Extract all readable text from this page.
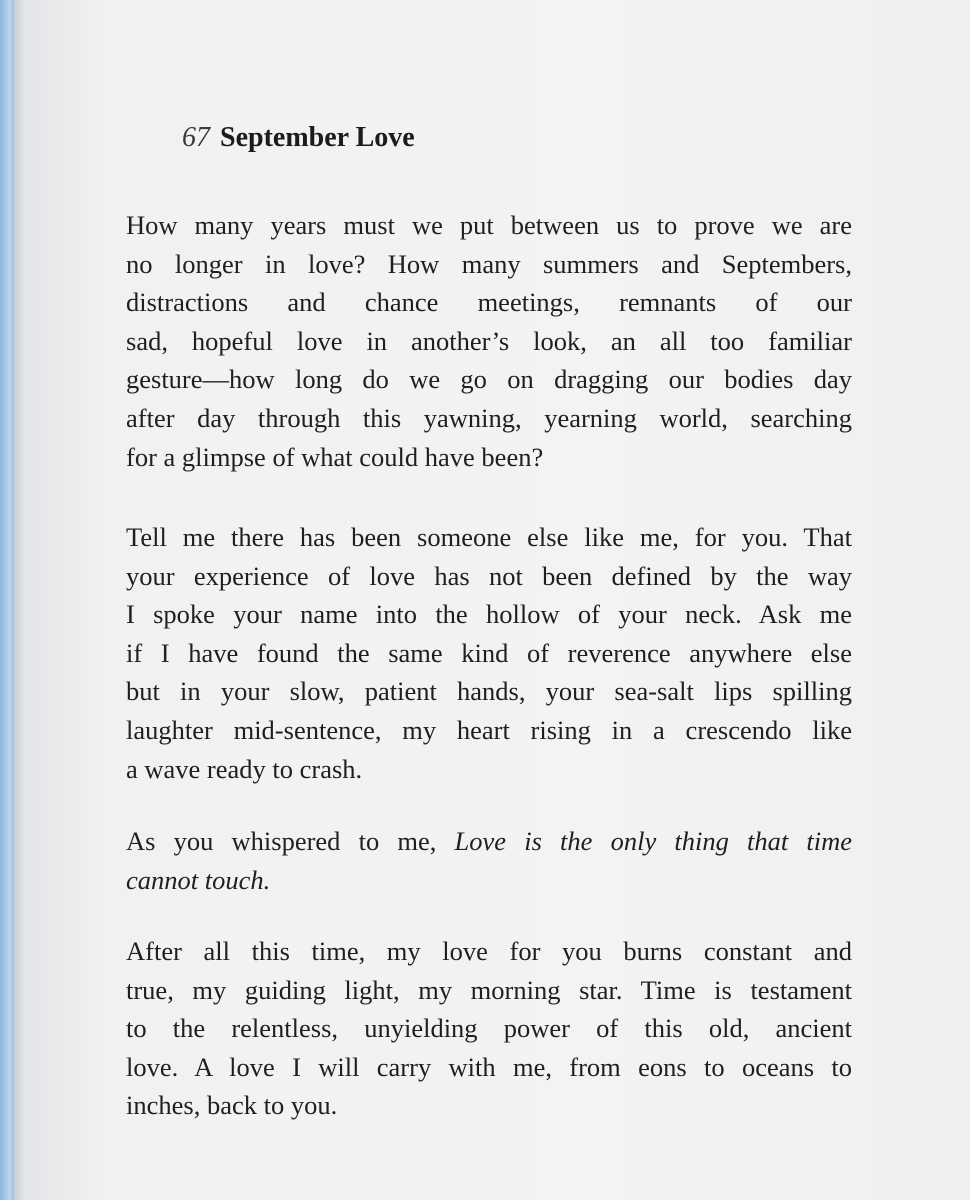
67 September Love

How many years must we put between us to prove we are
no longer in love? How many summers and Septembers,
distractions and chance meetings, remnants of our
sad, hopeful love in another’s look, an all too familiar
gesture—how long do we go on dragging our bodies day
after day through this yawning, yearning world, searching
for a glimpse of what could have been?

Tell me there has been someone else like me, for you. That
your experience of love has not been defined by the way
I spoke your name into the hollow of your neck. Ask me
if I have found the same kind of reverence anywhere else
but in your slow, patient hands, your sea-salt lips spilling
laughter mid-sentence, my heart rising in a crescendo like
a wave ready to crash.

As you whispered to me, Love is the only thing that time
cannot touch.

After all this time, my love for you burns constant and
true, my guiding light, my morning star. Time is testament
to the relentless, unyielding power of this old, ancient
love. A love I will carry with me, from eons to oceans to
inches, back to you.
